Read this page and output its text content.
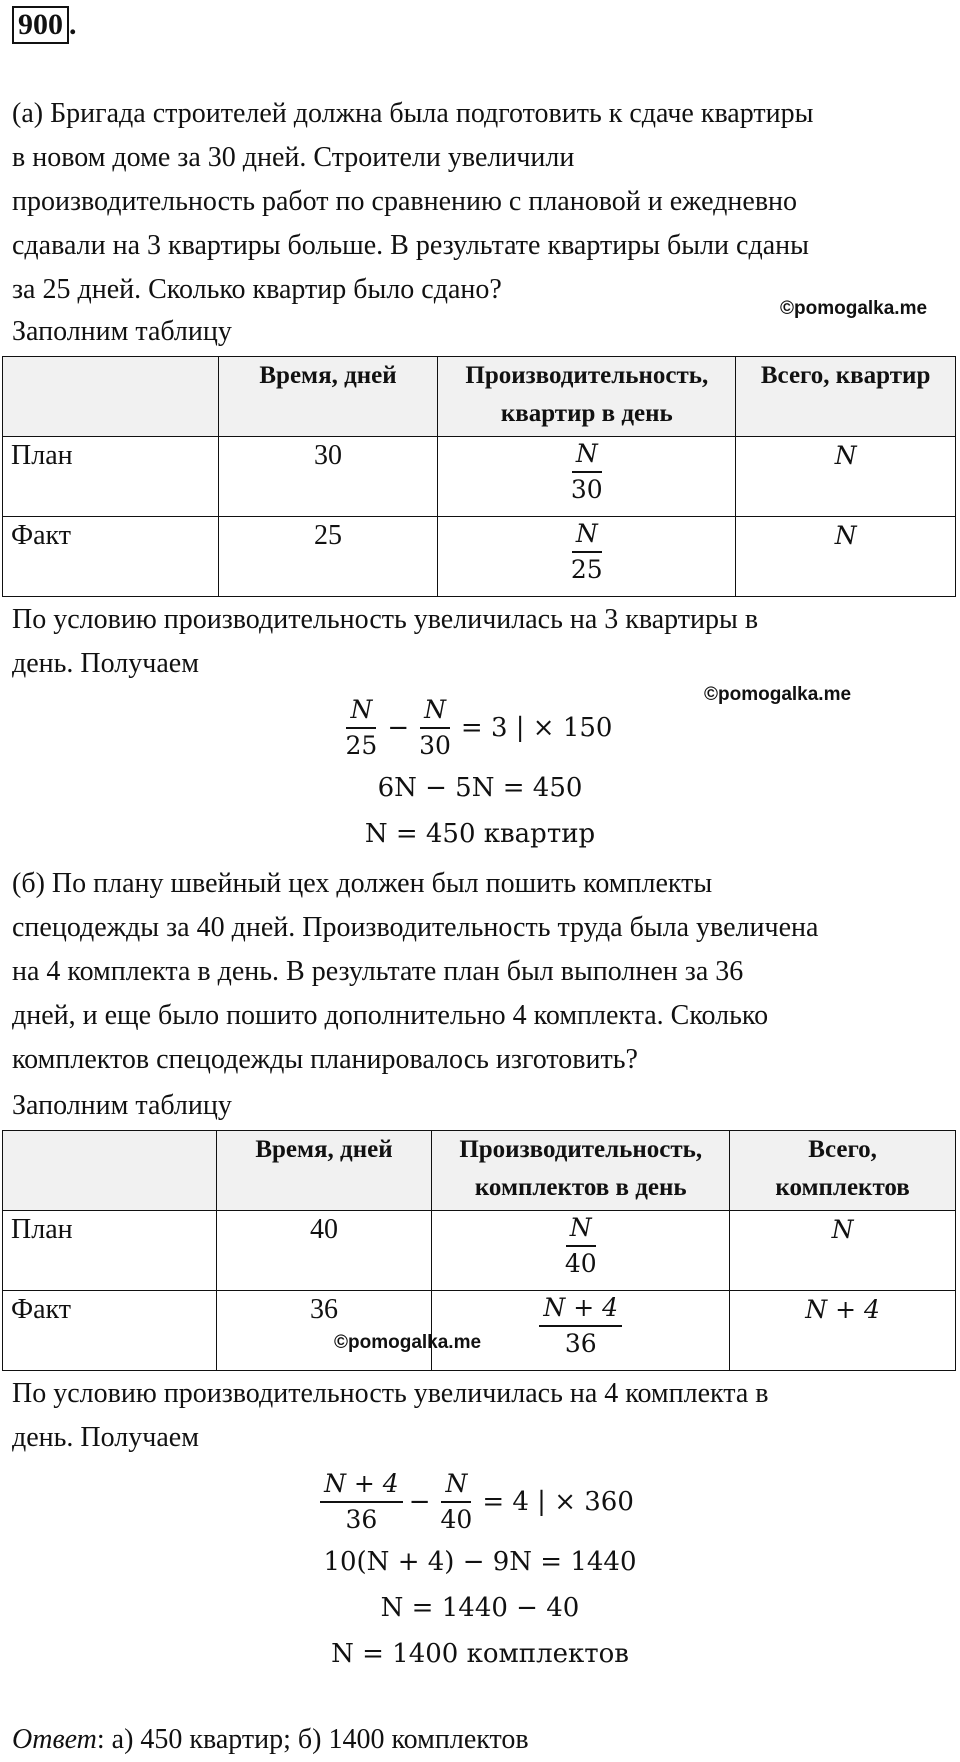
900 .

(а) Бригада строителей должна была подготовить к сдаче квартиры

в новом доме за 30 дней. Строители увеличили

производительность работ по сравнению с плановой и ежедневно

сдавали на 3 квартиры больше. В результате квартиры были сданы

за 25 дней. Сколько квартир было сдано?

©pomogalka.me

Заполним таблицу

	Время, дней	Производительность,
квартир в день	Всего, квартир
План	30	$\frac{N}{30}$	N
Факт	25	$\frac{N}{25}$	N

По условию производительность увеличилась на 3 квартиры в

день. Получаем

©pomogalka.me
$\frac{N}{25} - \frac{N}{30} = 3$ | × 150
6N − 5N = 450
N = 450 квартир

(б) По плану швейный цех должен был пошить комплекты

спецодежды за 40 дней. Производительность труда была увеличена

на 4 комплекта в день. В результате план был выполнен за 36

дней, и еще было пошито дополнительно 4 комплекта. Сколько

комплектов спецодежды планировалось изготовить?

Заполним таблицу

	Время, дней	Производительность,
комплектов в день	Всего,
комплектов
План	40	$\frac{N}{40}$	N
Факт	36	$\frac{N + 4}{36}$	N + 4
©pomogalka.me

По условию производительность увеличилась на 4 комплекта в

день. Получаем

$\frac{N + 4}{36} - \frac{N}{40} = 4$ | × 360
10(N + 4) − 9N = 1440
N = 1440 − 40
N = 1400 комплектов
Ответ: а) 450 квартир; б) 1400 комплектов
